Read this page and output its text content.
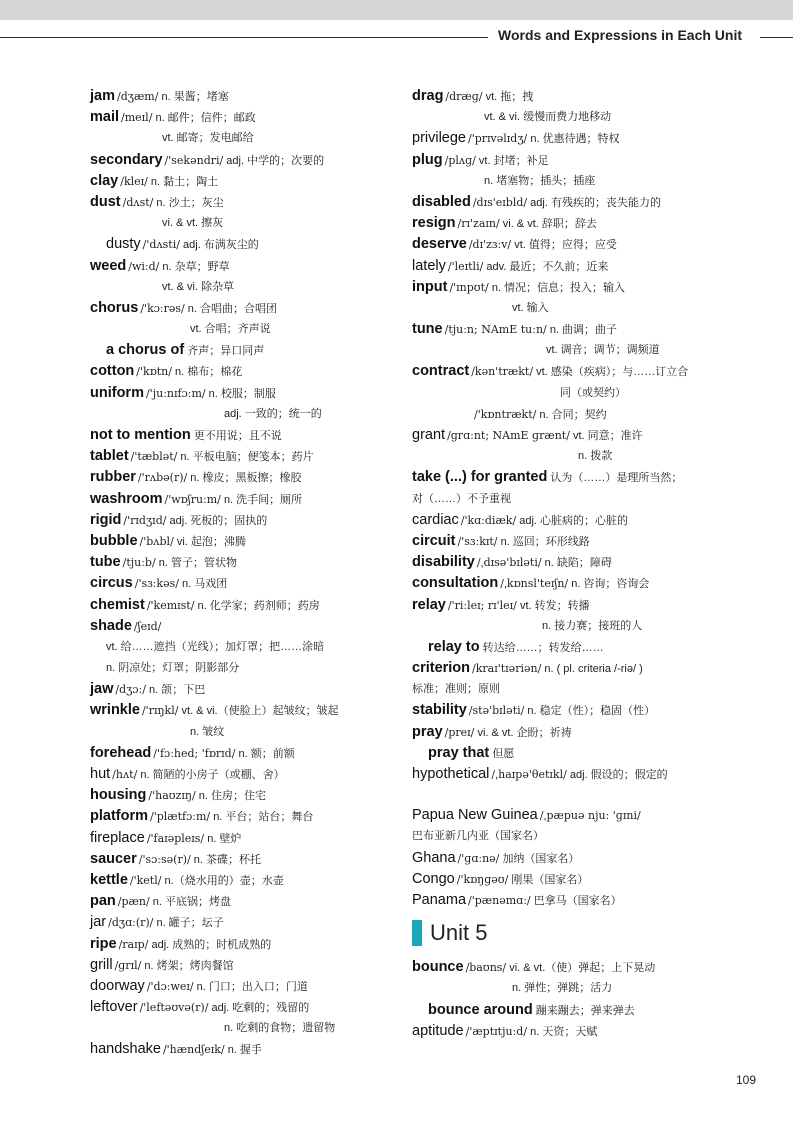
Words and Expressions in Each Unit
jam /dʒæm/ n. 果酱；堵塞
mail /meɪl/ n. 邮件；信件；邮政
vt. 邮寄；发电邮给
secondary /'sekəndri/ adj. 中学的；次要的
clay /kleɪ/ n. 黏土；陶土
dust /dʌst/ n. 沙土；灰尘
vi. & vt. 擦灰
dusty /'dʌsti/ adj. 布满灰尘的
weed /wiːd/ n. 杂草；野草
vt. & vi. 除杂草
chorus /'kɔːrəs/ n. 合唱曲；合唱团
vt. 合唱；齐声说
a chorus of 齐声；异口同声
cotton /'kɒtn/ n. 棉布；棉花
uniform /'juːnɪfɔːm/ n. 校服；制服
adj. 一致的；统一的
not to mention 更不用说；且不说
tablet /'tæblət/ n. 平板电脑；便笺本；药片
rubber /'rʌbə(r)/ n. 橡皮；黑板擦；橡胶
washroom /'wɒʃruːm/ n. 洗手间；厕所
rigid /'rɪdʒɪd/ adj. 死板的；固执的
bubble /'bʌbl/ vi. 起泡；沸腾
tube /tjuːb/ n. 管子；管状物
circus /'sɜːkəs/ n. 马戏团
chemist /'kemɪst/ n. 化学家；药剂师；药房
shade /ʃeɪd/
vt. 给……遮挡（光线）；加灯罩；把……涂暗
n. 阴凉处；灯罩；阴影部分
jaw /dʒɔː/ n. 颌；下巴
wrinkle /'rɪŋkl/ vt. & vi.（使脸上）起皱纹；皱起
n. 皱纹
forehead /'fɔːhed; 'fɒrɪd/ n. 额；前额
hut /hʌt/ n. 简陋的小房子（或棚、舍）
housing /'haʊzɪŋ/ n. 住房；住宅
platform /'plætfɔːm/ n. 平台；站台；舞台
fireplace /'faɪəpleɪs/ n. 壁炉
saucer /'sɔːsə(r)/ n. 茶碟；杯托
kettle /'ketl/ n.（烧水用的）壶；水壶
pan /pæn/ n. 平底锅；烤盘
jar /dʒɑː(r)/ n. 罐子；坛子
ripe /raɪp/ adj. 成熟的；时机成熟的
grill /ɡrɪl/ n. 烤架；烤肉餐馆
doorway /'dɔːweɪ/ n. 门口；出入口；门道
leftover /'leftəʊvə(r)/ adj. 吃剩的；残留的
n. 吃剩的食物；遗留物
handshake /'hændʃeɪk/ n. 握手
drag /dræɡ/ vt. 拖；拽
vt. & vi. 缓慢而费力地移动
privilege /'prɪvəlɪdʒ/ n. 优惠待遇；特权
plug /plʌɡ/ vt. 封堵；补足
n. 堵塞物；插头；插座
disabled /dɪs'eɪbld/ adj. 有残疾的；丧失能力的
resign /rɪ'zaɪn/ vi. & vt. 辞职；辞去
deserve /dɪ'zɜːv/ vt. 值得；应得；应受
lately /'leɪtli/ adv. 最近；不久前；近来
input /'ɪnpʊt/ n. 情况；信息；投入；输入
vt. 输入
tune /tjuːn; NAmE tuːn/ n. 曲调；曲子
vt. 调音；调节；调频道
contract /kən'trækt/ vt. 感染（疾病）；与……订立合
同（或契约）
/'kɒntrækt/ n. 合同；契约
grant /ɡrɑːnt; NAmE ɡrænt/ vt. 同意；准许
n. 拨款
take (...) for granted 认为（……）是理所当然；
对（……）不予重视
cardiac /'kɑːdiæk/ adj. 心脏病的；心脏的
circuit /'sɜːkɪt/ n. 巡回；环形线路
disability /ˌdɪsə'bɪləti/ n. 缺陷；障碍
consultation /ˌkɒnsl'teɪʃn/ n. 咨询；咨询会
relay /'riːleɪ; rɪ'leɪ/ vt. 转发；转播
n. 接力赛；接班的人
relay to 转达给……；转发给……
criterion /kraɪ'tɪəriən/ n. ( pl. criteria /-riə/ )
标准；准则；原则
stability /stə'bɪləti/ n. 稳定（性）；稳固（性）
pray /preɪ/ vi. & vt. 企盼；祈祷
pray that 但愿
hypothetical /ˌhaɪpə'θetɪkl/ adj. 假设的；假定的
Papua New Guinea /ˌpæpuə njuː 'ɡɪni/
巴布亚新几内亚（国家名）
Ghana /'ɡɑːnə/ 加纳（国家名）
Congo /'kɒŋɡəʊ/ 刚果（国家名）
Panama /'pænəmɑː/ 巴拿马（国家名）
Unit 5
bounce /baʊns/ vi. & vt.（使）弹起；上下晃动
n. 弹性；弹跳；活力
bounce around 蹦来蹦去；弹来弹去
aptitude /'æptɪtjuːd/ n. 天资；天赋
109
